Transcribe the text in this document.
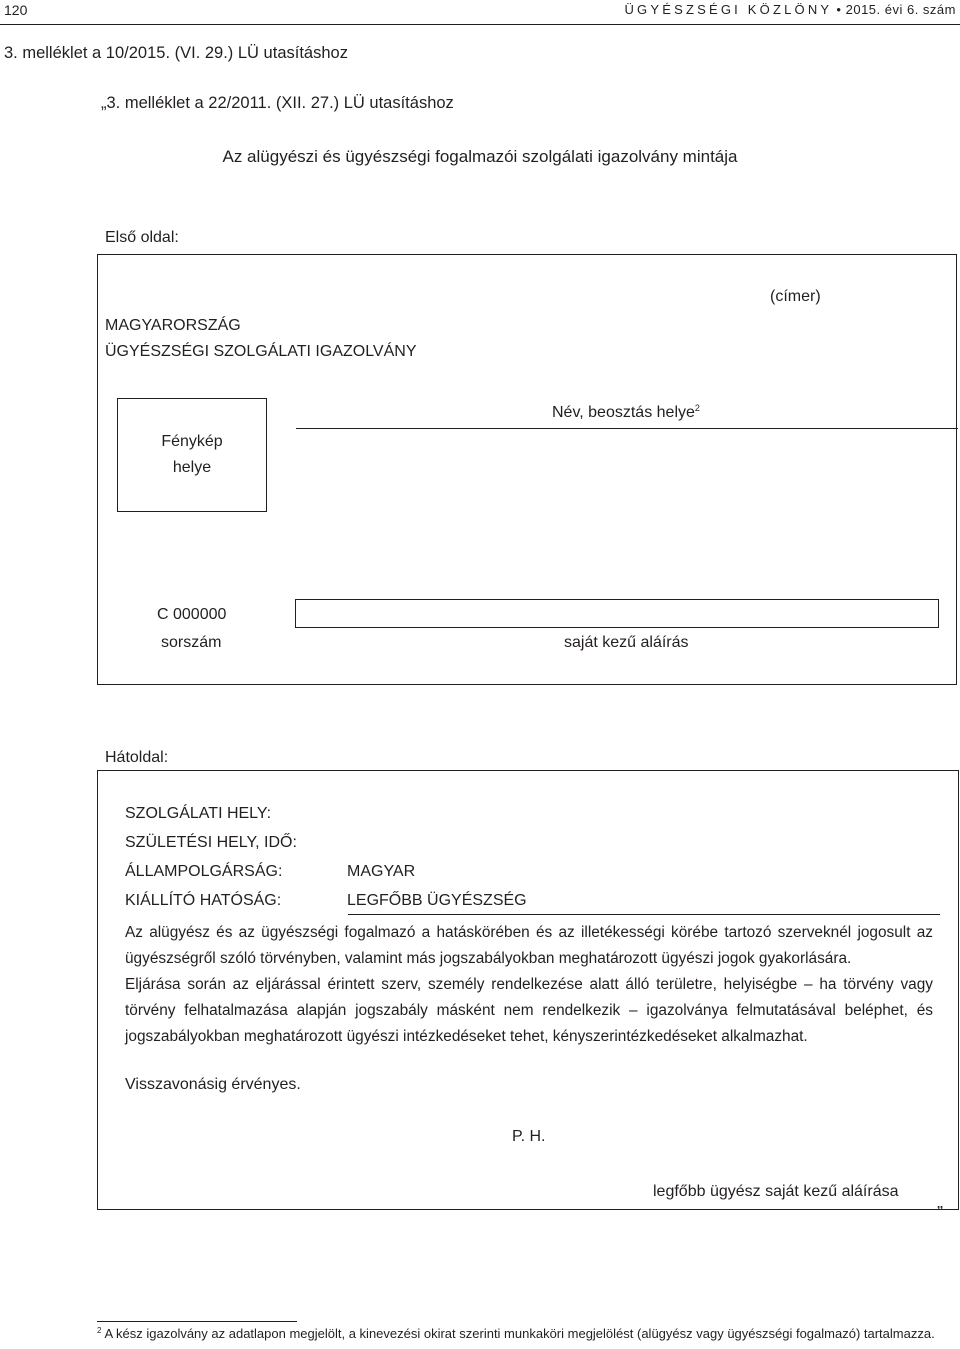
120	ÜGYÉSZSÉGI KÖZLÖNY • 2015. évi 6. szám
3. melléklet a 10/2015. (VI. 29.) LÜ utasításhoz
„3. melléklet a 22/2011. (XII. 27.) LÜ utasításhoz
Az alügyészi és ügyészségi fogalmazói szolgálati igazolvány mintája
Első oldal:
(címer)
MAGYARORSZÁG
ÜGYÉSZSÉGI SZOLGÁLATI IGAZOLVÁNY
Fénykép
helye
Név, beosztás helye$^2$
C 000000
sorszám	saját kezű aláírás
Hátoldal:
SZOLGÁLATI HELY:
SZÜLETÉSI HELY, IDŐ:
ÁLLAMPOLGÁRSÁG:	MAGYAR
KIÁLLÍTÓ HATÓSÁG:	LEGFŐBB ÜGYÉSZSÉG

Az alügyész és az ügyészségi fogalmazó a hatáskörében és az illetékességi körébe tartozó szerveknél jogosult az ügyészségről szóló törvényben, valamint más jogszabályokban meghatározott ügyészi jogok gyakorlására.

Eljárása során az eljárással érintett szerv, személy rendelkezése alatt álló területre, helyiségbe – ha törvény vagy törvény felhatalmazása alapján jogszabály másként nem rendelkezik – igazolványa felmutatásával beléphet, és jogszabályokban meghatározott ügyészi intézkedéseket tehet, kényszerintézkedéseket alkalmazhat.

Visszavonásig érvényes.
P. H.
legfőbb ügyész saját kezű aláírása
”
$^2$ A kész igazolvány az adatlapon megjelölt, a kinevezési okirat szerinti munkaköri megjelölést (alügyész vagy ügyészségi fogalmazó) tartalmazza.
